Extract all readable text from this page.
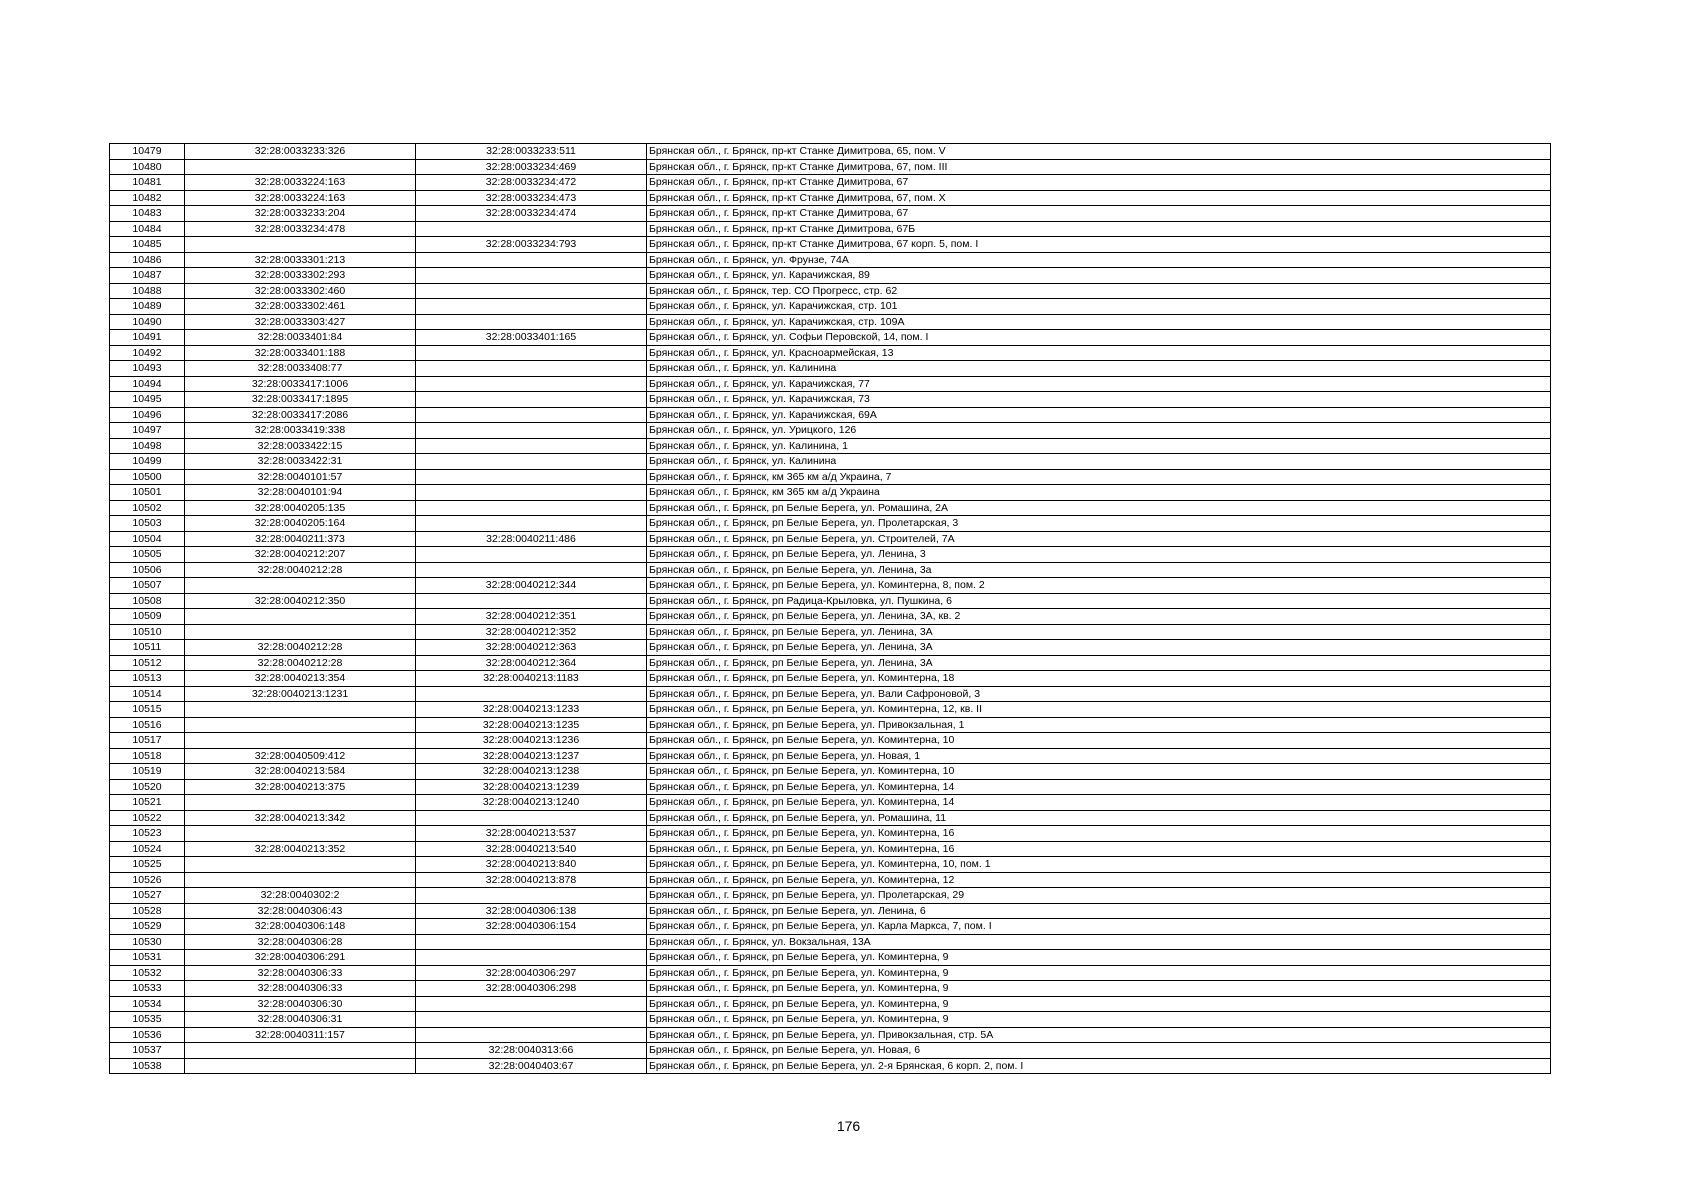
10479	32:28:0033233:326	32:28:0033233:511	Брянская обл., г. Брянск, пр-кт Станке Димитрова, 65, пом. V
10480		32:28:0033234:469	Брянская обл., г. Брянск, пр-кт Станке Димитрова, 67, пом. III
10481	32:28:0033224:163	32:28:0033234:472	Брянская обл., г. Брянск, пр-кт Станке Димитрова, 67
10482	32:28:0033224:163	32:28:0033234:473	Брянская обл., г. Брянск, пр-кт Станке Димитрова, 67, пом. X
10483	32:28:0033233:204	32:28:0033234:474	Брянская обл., г. Брянск, пр-кт Станке Димитрова, 67
10484	32:28:0033234:478		Брянская обл., г. Брянск, пр-кт Станке Димитрова, 67Б
10485		32:28:0033234:793	Брянская обл., г. Брянск, пр-кт Станке Димитрова, 67 корп. 5, пом. I
10486	32:28:0033301:213		Брянская обл., г. Брянск, ул. Фрунзе, 74А
10487	32:28:0033302:293		Брянская обл., г. Брянск, ул. Карачижская, 89
10488	32:28:0033302:460		Брянская обл., г. Брянск, тер. СО Прогресс, стр. 62
10489	32:28:0033302:461		Брянская обл., г. Брянск, ул. Карачижская, стр. 101
10490	32:28:0033303:427		Брянская обл., г. Брянск, ул. Карачижская, стр. 109А
10491	32:28:0033401:84	32:28:0033401:165	Брянская обл., г. Брянск, ул. Софьи Перовской, 14, пом. I
10492	32:28:0033401:188		Брянская обл., г. Брянск, ул. Красноармейская, 13
10493	32:28:0033408:77		Брянская обл., г. Брянск, ул. Калинина
10494	32:28:0033417:1006		Брянская обл., г. Брянск, ул. Карачижская, 77
10495	32:28:0033417:1895		Брянская обл., г. Брянск, ул. Карачижская, 73
10496	32:28:0033417:2086		Брянская обл., г. Брянск, ул. Карачижская, 69А
10497	32:28:0033419:338		Брянская обл., г. Брянск, ул. Урицкого, 126
10498	32:28:0033422:15		Брянская обл., г. Брянск, ул. Калинина, 1
10499	32:28:0033422:31		Брянская обл., г. Брянск, ул. Калинина
10500	32:28:0040101:57		Брянская обл., г. Брянск, км 365 км а/д Украина, 7
10501	32:28:0040101:94		Брянская обл., г. Брянск, км 365 км а/д Украина
10502	32:28:0040205:135		Брянская обл., г. Брянск, рп Белые Берега, ул. Ромашина, 2А
10503	32:28:0040205:164		Брянская обл., г. Брянск, рп Белые Берега, ул. Пролетарская, 3
10504	32:28:0040211:373	32:28:0040211:486	Брянская обл., г. Брянск, рп Белые Берега, ул. Строителей, 7А
10505	32:28:0040212:207		Брянская обл., г. Брянск, рп Белые Берега, ул. Ленина, 3
10506	32:28:0040212:28		Брянская обл., г. Брянск, рп Белые Берега, ул. Ленина, 3а
10507		32:28:0040212:344	Брянская обл., г. Брянск, рп Белые Берега, ул. Коминтерна, 8, пом. 2
10508	32:28:0040212:350		Брянская обл., г. Брянск, рп Радица-Крыловка, ул. Пушкина, 6
10509		32:28:0040212:351	Брянская обл., г. Брянск, рп Белые Берега, ул. Ленина, 3А, кв. 2
10510		32:28:0040212:352	Брянская обл., г. Брянск, рп Белые Берега, ул. Ленина, 3А
10511	32:28:0040212:28	32:28:0040212:363	Брянская обл., г. Брянск, рп Белые Берега, ул. Ленина, 3А
10512	32:28:0040212:28	32:28:0040212:364	Брянская обл., г. Брянск, рп Белые Берега, ул. Ленина, 3А
10513	32:28:0040213:354	32:28:0040213:1183	Брянская обл., г. Брянск, рп Белые Берега, ул. Коминтерна, 18
10514	32:28:0040213:1231		Брянская обл., г. Брянск, рп Белые Берега, ул. Вали Сафроновой, 3
10515		32:28:0040213:1233	Брянская обл., г. Брянск, рп Белые Берега, ул. Коминтерна, 12, кв. II
10516		32:28:0040213:1235	Брянская обл., г. Брянск, рп Белые Берега, ул. Привокзальная, 1
10517		32:28:0040213:1236	Брянская обл., г. Брянск, рп Белые Берега, ул. Коминтерна, 10
10518	32:28:0040509:412	32:28:0040213:1237	Брянская обл., г. Брянск, рп Белые Берега, ул. Новая, 1
10519	32:28:0040213:584	32:28:0040213:1238	Брянская обл., г. Брянск, рп Белые Берега, ул. Коминтерна, 10
10520	32:28:0040213:375	32:28:0040213:1239	Брянская обл., г. Брянск, рп Белые Берега, ул. Коминтерна, 14
10521		32:28:0040213:1240	Брянская обл., г. Брянск, рп Белые Берега, ул. Коминтерна, 14
10522	32:28:0040213:342		Брянская обл., г. Брянск, рп Белые Берега, ул. Ромашина, 11
10523		32:28:0040213:537	Брянская обл., г. Брянск, рп Белые Берега, ул. Коминтерна, 16
10524	32:28:0040213:352	32:28:0040213:540	Брянская обл., г. Брянск, рп Белые Берега, ул. Коминтерна, 16
10525		32:28:0040213:840	Брянская обл., г. Брянск, рп Белые Берега, ул. Коминтерна, 10, пом. 1
10526		32:28:0040213:878	Брянская обл., г. Брянск, рп Белые Берега, ул. Коминтерна, 12
10527	32:28:0040302:2		Брянская обл., г. Брянск, рп Белые Берега, ул. Пролетарская, 29
10528	32:28:0040306:43	32:28:0040306:138	Брянская обл., г. Брянск, рп Белые Берега, ул. Ленина, 6
10529	32:28:0040306:148	32:28:0040306:154	Брянская обл., г. Брянск, рп Белые Берега, ул. Карла Маркса, 7, пом. I
10530	32:28:0040306:28		Брянская обл., г. Брянск, ул. Вокзальная, 13А
10531	32:28:0040306:291		Брянская обл., г. Брянск, рп Белые Берега, ул. Коминтерна, 9
10532	32:28:0040306:33	32:28:0040306:297	Брянская обл., г. Брянск, рп Белые Берега, ул. Коминтерна, 9
10533	32:28:0040306:33	32:28:0040306:298	Брянская обл., г. Брянск, рп Белые Берега, ул. Коминтерна, 9
10534	32:28:0040306:30		Брянская обл., г. Брянск, рп Белые Берега, ул. Коминтерна, 9
10535	32:28:0040306:31		Брянская обл., г. Брянск, рп Белые Берега, ул. Коминтерна, 9
10536	32:28:0040311:157		Брянская обл., г. Брянск, рп Белые Берега, ул. Привокзальная, стр. 5А
10537		32:28:0040313:66	Брянская обл., г. Брянск, рп Белые Берега, ул. Новая, 6
10538		32:28:0040403:67	Брянская обл., г. Брянск, рп Белые Берега, ул. 2-я Брянская, 6 корп. 2, пом. I
176
